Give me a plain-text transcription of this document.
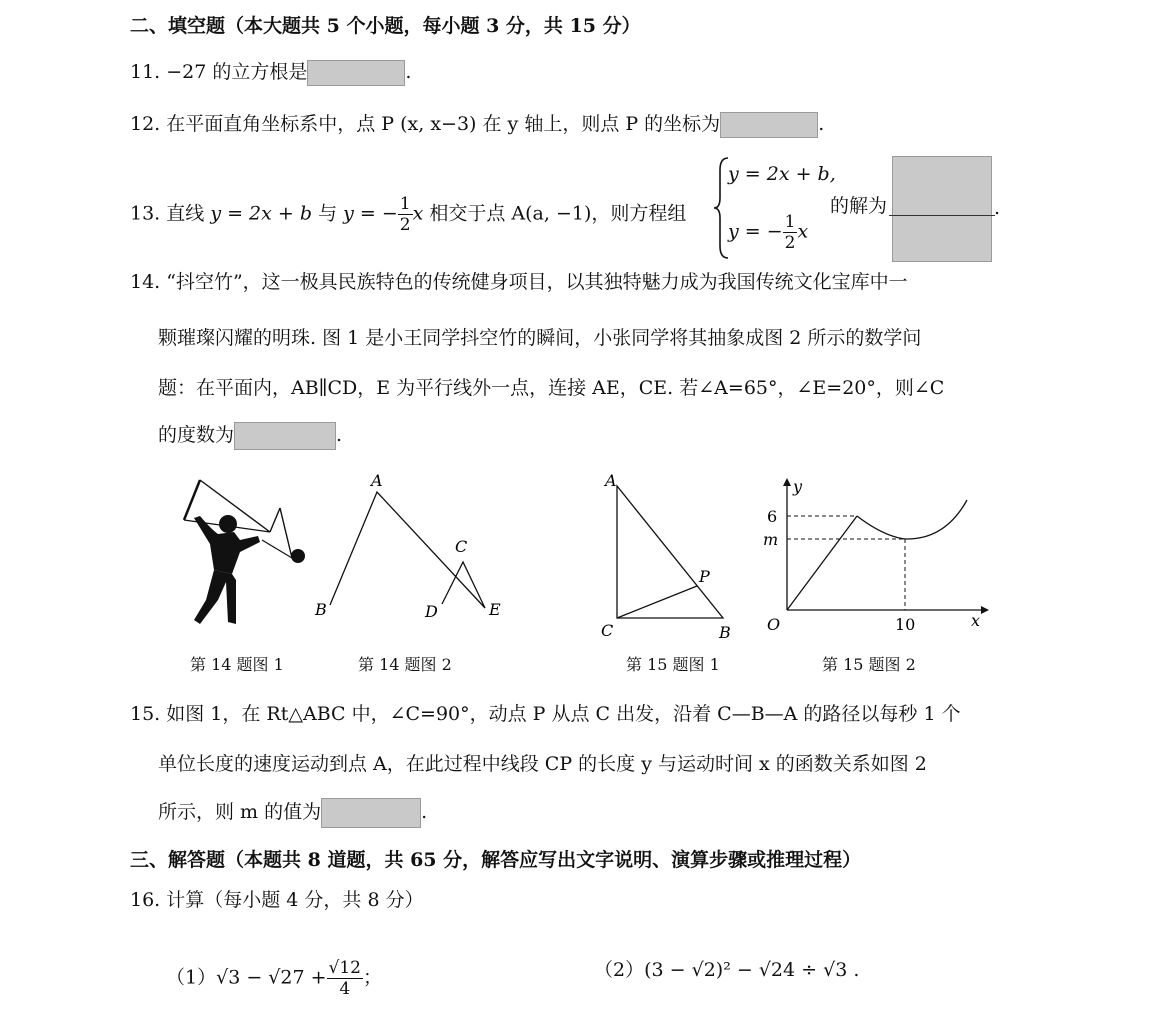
二、填空题（本大题共 5 个小题，每小题 3 分，共 15 分）
11. −27 的立方根是	.
12. 在平面直角坐标系中，点 P (x, x−3) 在 y 轴上，则点 P 的坐标为	.
13. 直线 y = 2x + b 与 y = − $\frac{1}{2}$ x 相交于点 A(a, −1)，则方程组
y = 2x + b,
y = − $\frac{1}{2}$ x
的解为	.
14. “抖空竹”，这一极具民族特色的传统健身项目，以其独特魅力成为我国传统文化宝库中一
颗璀璨闪耀的明珠. 图 1 是小王同学抖空竹的瞬间，小张同学将其抽象成图 2 所示的数学问
题：在平面内，AB∥CD，E 为平行线外一点，连接 AE，CE. 若∠A=65°，∠E=20°，则∠C
的度数为	.
A
B
C
D	E
A
C	B
P
y
x
O
6
m
10
第 14 题图 1	第 14 题图 2	第 15 题图 1	第 15 题图 2
15. 如图 1，在 Rt△ABC 中，∠C=90°，动点 P 从点 C 出发，沿着 C—B—A 的路径以每秒 1 个
单位长度的速度运动到点 A，在此过程中线段 CP 的长度 y 与运动时间 x 的函数关系如图 2
所示，则 m 的值为	.
三、解答题（本题共 8 道题，共 65 分，解答应写出文字说明、演算步骤或推理过程）
16. 计算（每小题 4 分，共 8 分）
$(1)√3 - √27 + \frac{√12}{4}$ ；	（2）(3 − √2)² − √24 ÷ √3 .
